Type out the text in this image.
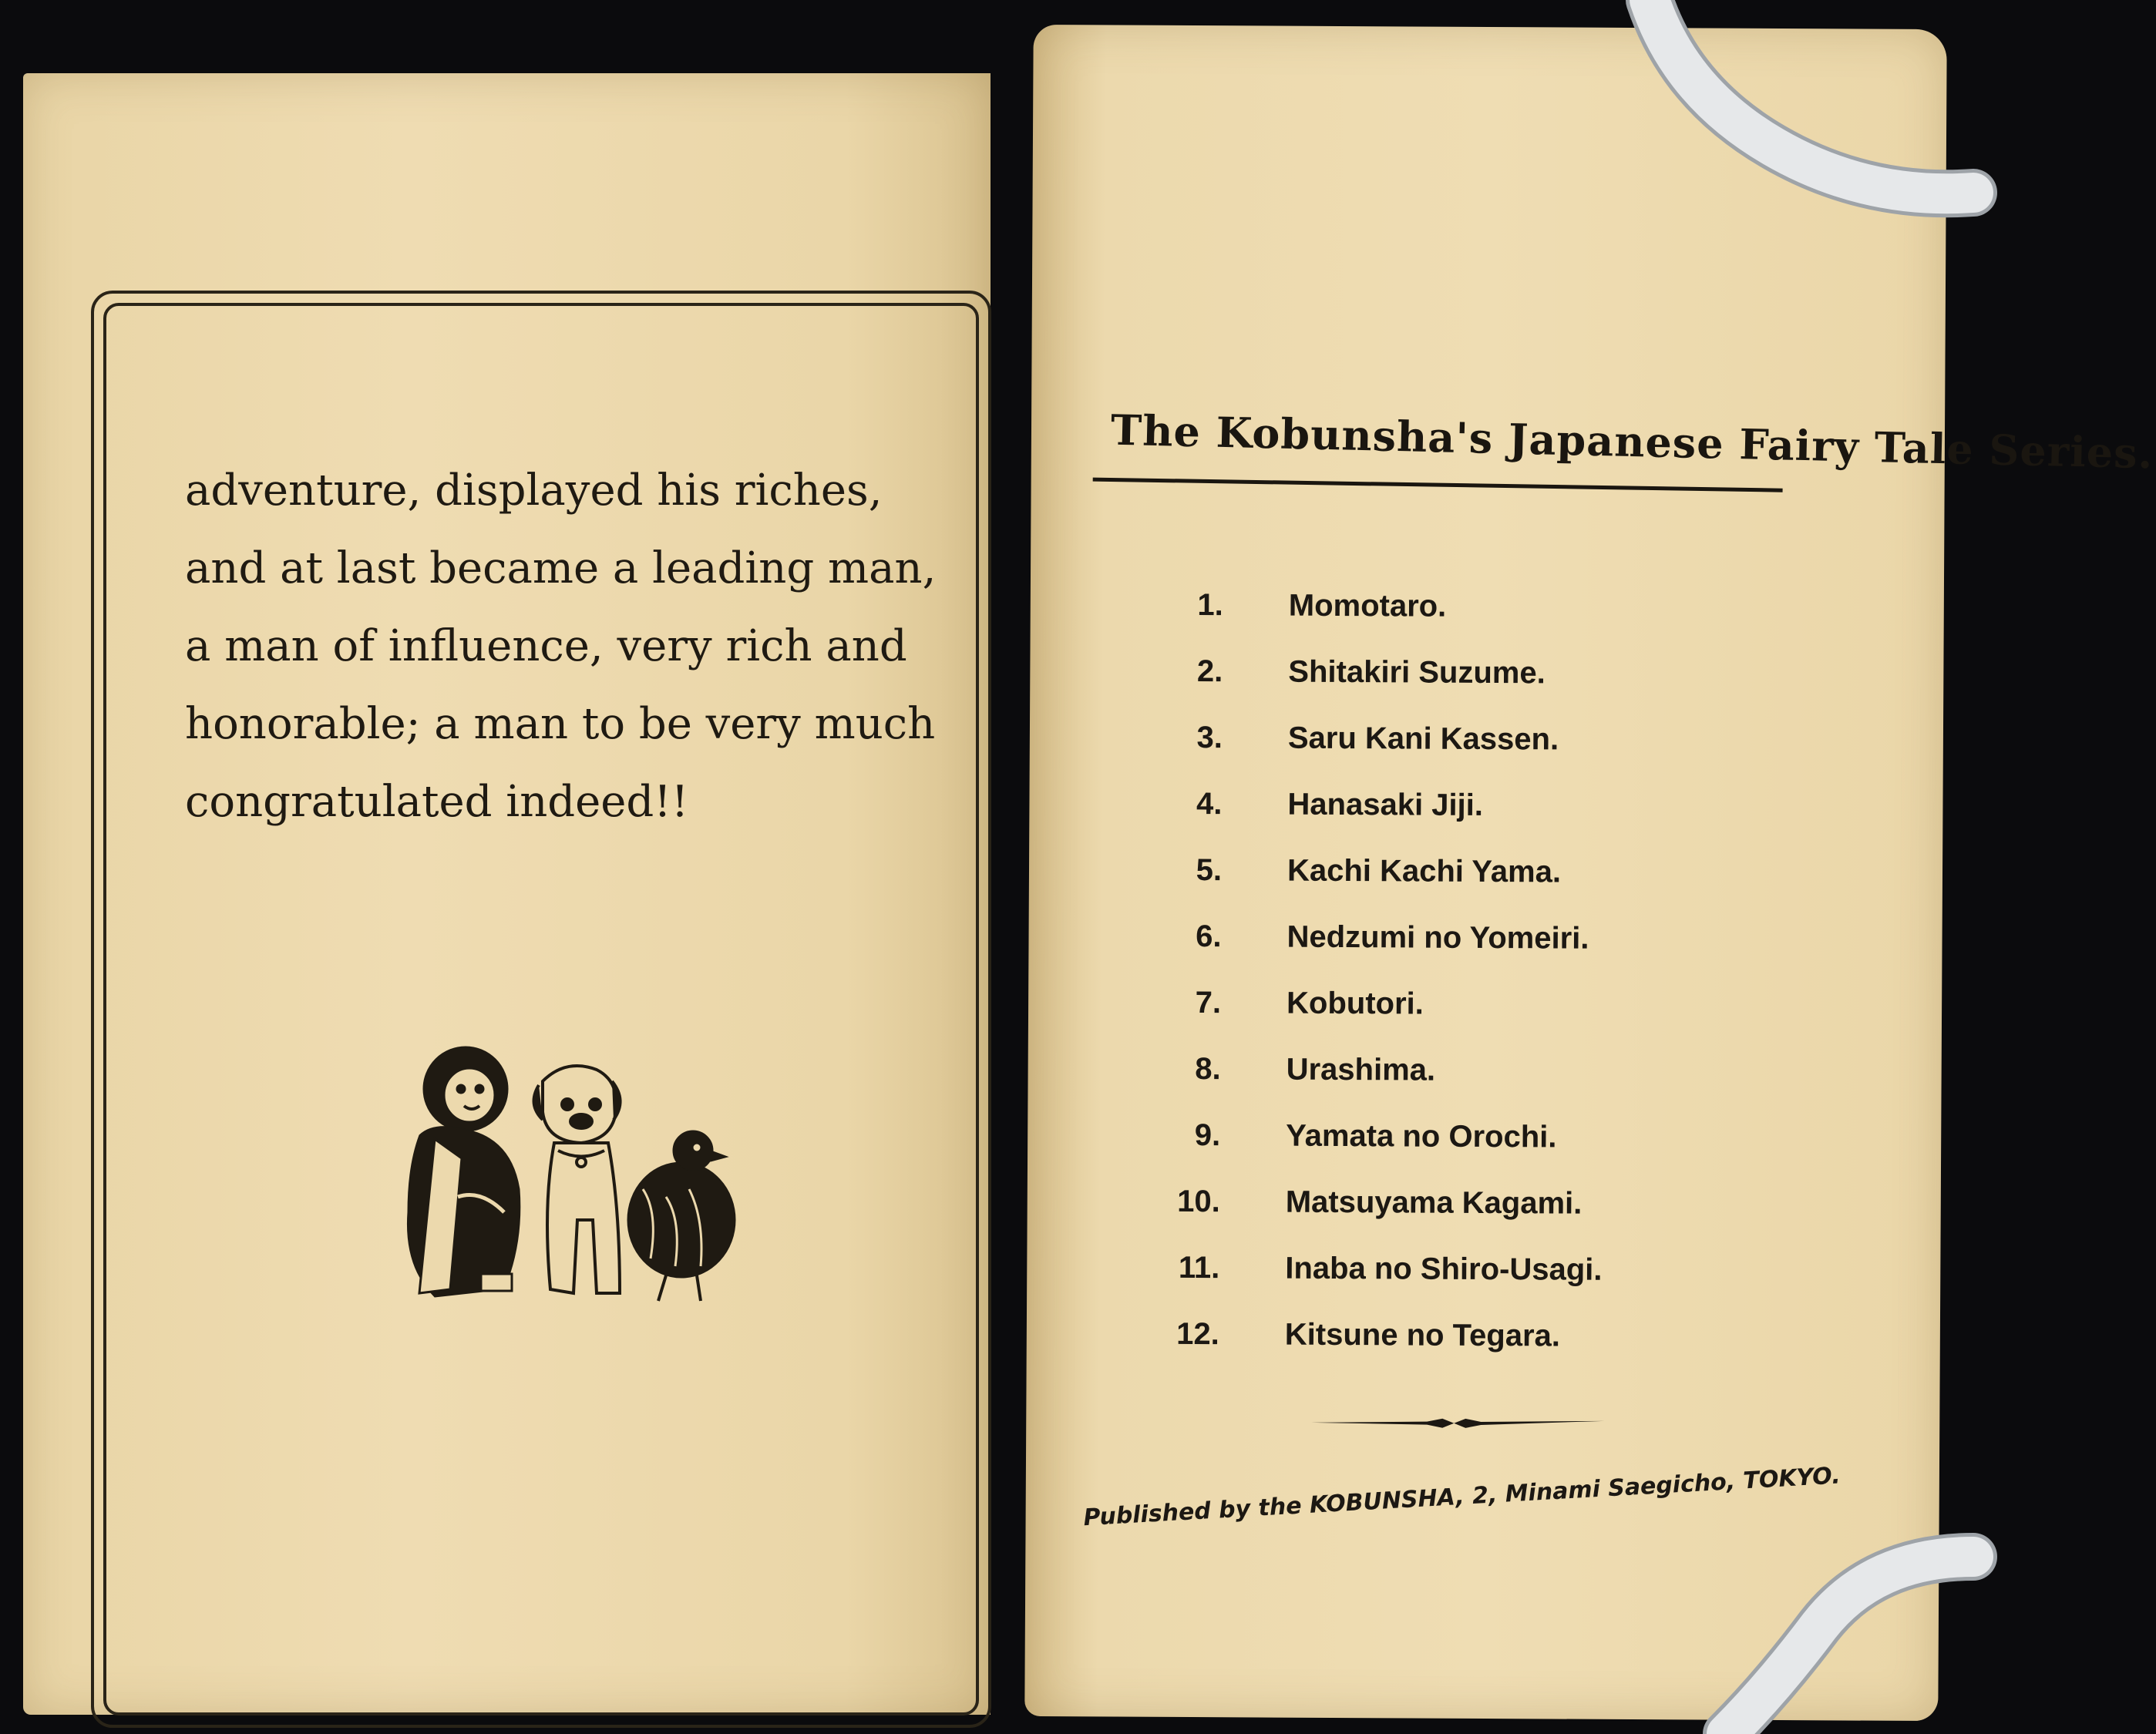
adventure, displayed his riches,

and at last became a leading man,

a man of influence, very rich and

honorable; a man to be very much

congratulated indeed!!

The Kobunsha's Japanese Fairy Tale Series.
1. Momotaro.
2. Shitakiri Suzume.
3. Saru Kani Kassen.
4. Hanasaki Jiji.
5. Kachi Kachi Yama.
6. Nedzumi no Yomeiri.
7. Kobutori.
8. Urashima.
9. Yamata no Orochi.
10. Matsuyama Kagami.
11. Inaba no Shiro-Usagi.
12. Kitsune no Tegara.
Published by the KOBUNSHA, 2, Minami Saegicho, TOKYO.
